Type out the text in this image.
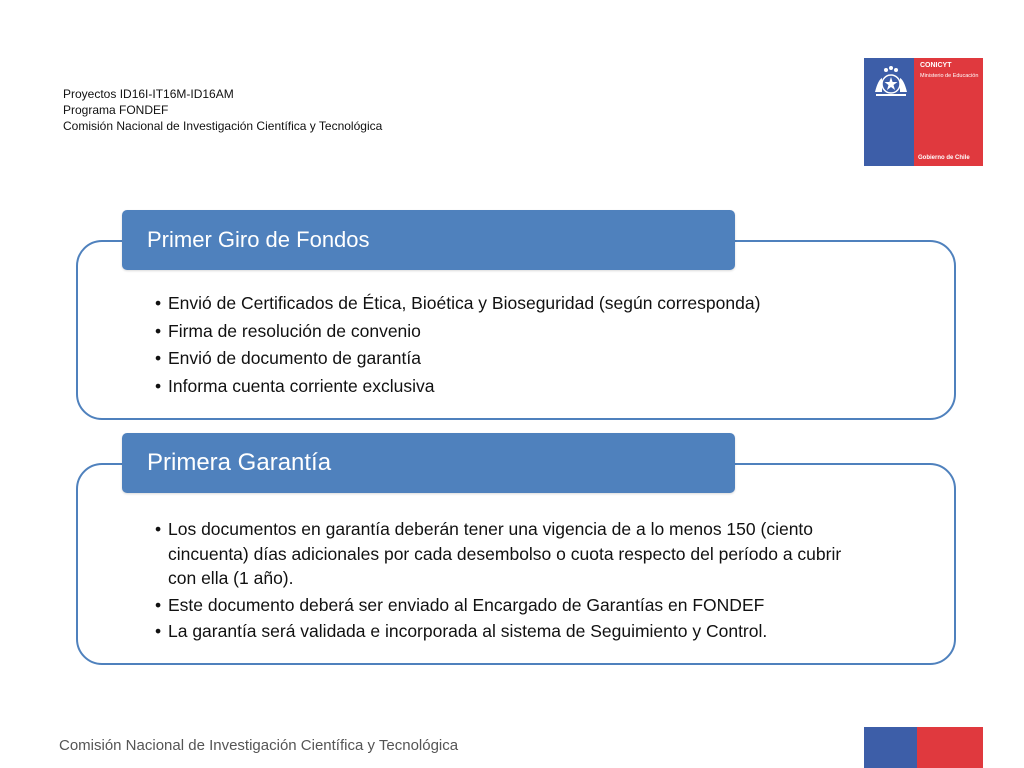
Proyectos ID16I-IT16M-ID16AM
Programa FONDEF
Comisión Nacional de Investigación Científica y Tecnológica
CONICYT
Ministerio de Educación
Gobierno de Chile
Primer Giro de Fondos
• Envió de Certificados de Ética, Bioética y Bioseguridad (según corresponda)
• Firma de resolución de convenio
• Envió de documento de garantía
• Informa cuenta corriente exclusiva
Primera Garantía
• Los documentos en garantía deberán tener una vigencia de a lo menos 150 (ciento cincuenta) días adicionales por cada desembolso o cuota respecto del período a cubrir con ella (1 año).
• Este documento deberá ser enviado al Encargado de Garantías en FONDEF
• La garantía será validada e incorporada al sistema de Seguimiento y Control.
Comisión Nacional de Investigación Científica y Tecnológica
